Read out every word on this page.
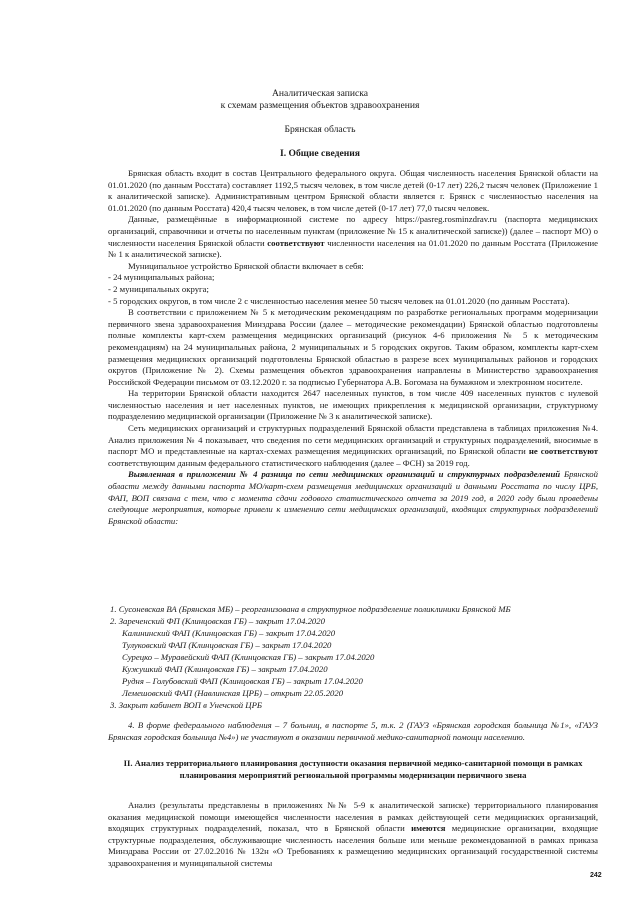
Аналитическая записка
к схемам размещения объектов здравоохранения
Брянская область
I. Общие сведения

Брянская область входит в состав Центрального федерального округа. Общая численность населения Брянской области на 01.01.2020 (по данным Росстата) составляет 1192,5 тысяч человек, в том числе детей (0-17 лет) 226,2 тысяч человек (Приложение 1 к аналитической записке). Административным центром Брянской области является г. Брянск с численностью населения на 01.01.2020 (по данным Росстата) 420,4 тысяч человек, в том числе детей (0-17 лет) 77,0 тысяч человек.

Данные, размещённые в информационной системе по адресу https://pasreg.rosminzdrav.ru (паспорта медицинских организаций, справочники и отчеты по населенным пунктам (приложение № 15 к аналитической записке)) (далее – паспорт МО) о численности населения Брянской области соответствуют численности населения на 01.01.2020 по данным Росстата (Приложение № 1 к аналитической записке).

Муниципальное устройство Брянской области включает в себя:

- 24 муниципальных района;

- 2 муниципальных округа;

- 5 городских округов, в том числе 2 с численностью населения менее 50 тысяч человек на 01.01.2020 (по данным Росстата).

В соответствии с приложением № 5 к методическим рекомендациям по разработке региональных программ модернизации первичного звена здравоохранения Минздрава России (далее – методические рекомендации) Брянской областью подготовлены полные комплекты карт-схем размещения медицинских организаций (рисунок 4-6 приложения № 5 к методическим рекомендациям) на 24 муниципальных района, 2 муниципальных и 5 городских округов. Таким образом, комплекты карт-схем размещения медицинских организаций подготовлены Брянской областью в разрезе всех муниципальных районов и городских округов (Приложение № 2). Схемы размещения объектов здравоохранения направлены в Министерство здравоохранения Российской Федерации письмом от 03.12.2020 г. за подписью Губернатора А.В. Богомаза на бумажном и электронном носителе.

На территории Брянской области находится 2647 населенных пунктов, в том числе 409 населенных пунктов с нулевой численностью населения и нет населенных пунктов, не имеющих прикрепления к медицинской организации, структурному подразделению медицинской организации (Приложение № 3 к аналитической записке).

Сеть медицинских организаций и структурных подразделений Брянской области представлена в таблицах приложения №4. Анализ приложения № 4 показывает, что сведения по сети медицинских организаций и структурных подразделений, вносимые в паспорт МО и представленные на картах-схемах размещения медицинских организаций, по Брянской области не соответствуют соответствующим данным федерального статистического наблюдения (далее – ФСН) за 2019 год.

Выявленная в приложении № 4 разница по сети медицинских организаций и структурных подразделений Брянской области между данными паспорта МО/карт-схем размещения медицинских организаций и данными Росстата по числу ЦРБ, ФАП, ВОП связана с тем, что с момента сдачи годового статистического отчета за 2019 год, в 2020 году были проведены следующие мероприятия, которые привели к изменению сети медицинских организаций, входящих структурных подразделений Брянской области:

1. Сусоневская ВА (Брянская МБ) – реорганизована в структурное подразделение поликлиники Брянской МБ
2. Зареченский ФП (Клинцовская ГБ) – закрыт 17.04.2020
Калининский ФАП (Клинцовская ГБ) – закрыт 17.04.2020
Тулуковский ФАП (Клинцовская ГБ) – закрыт 17.04.2020
Сурецко – Муравейский ФАП (Клинцовская ГБ) – закрыт 17.04.2020
Кужушкий ФАП (Клинцовская ГБ) – закрыт 17.04.2020
Рудня – Голубовский ФАП (Клинцовская ГБ) – закрыт 17.04.2020
Лемешовский ФАП (Навлинская ЦРБ) – открыт 22.05.2020
3. Закрыт кабинет ВОП в Унечской ЦРБ

4. В форме федерального наблюдения – 7 больниц, в паспорте 5, т.к. 2 (ГАУЗ «Брянская городская больница №1», «ГАУЗ Брянская городская больница №4») не участвуют в оказании первичной медико-санитарной помощи населению.

II. Анализ территориального планирования доступности оказания первичной медико-санитарной помощи в рамках планирования мероприятий региональной программы модернизации первичного звена

Анализ (результаты представлены в приложениях №№ 5-9 к аналитической записке) территориального планирования оказания медицинской помощи имеющейся численности населения в рамках действующей сети медицинских организаций, входящих структурных подразделений, показал, что в Брянской области имеются медицинские организации, входящие структурные подразделения, обслуживающие численность населения больше или меньше рекомендованной в рамках приказа Минздрава России от 27.02.2016 № 132н «О Требованиях к размещению медицинских организаций государственной системы здравоохранения и муниципальной системы

242
